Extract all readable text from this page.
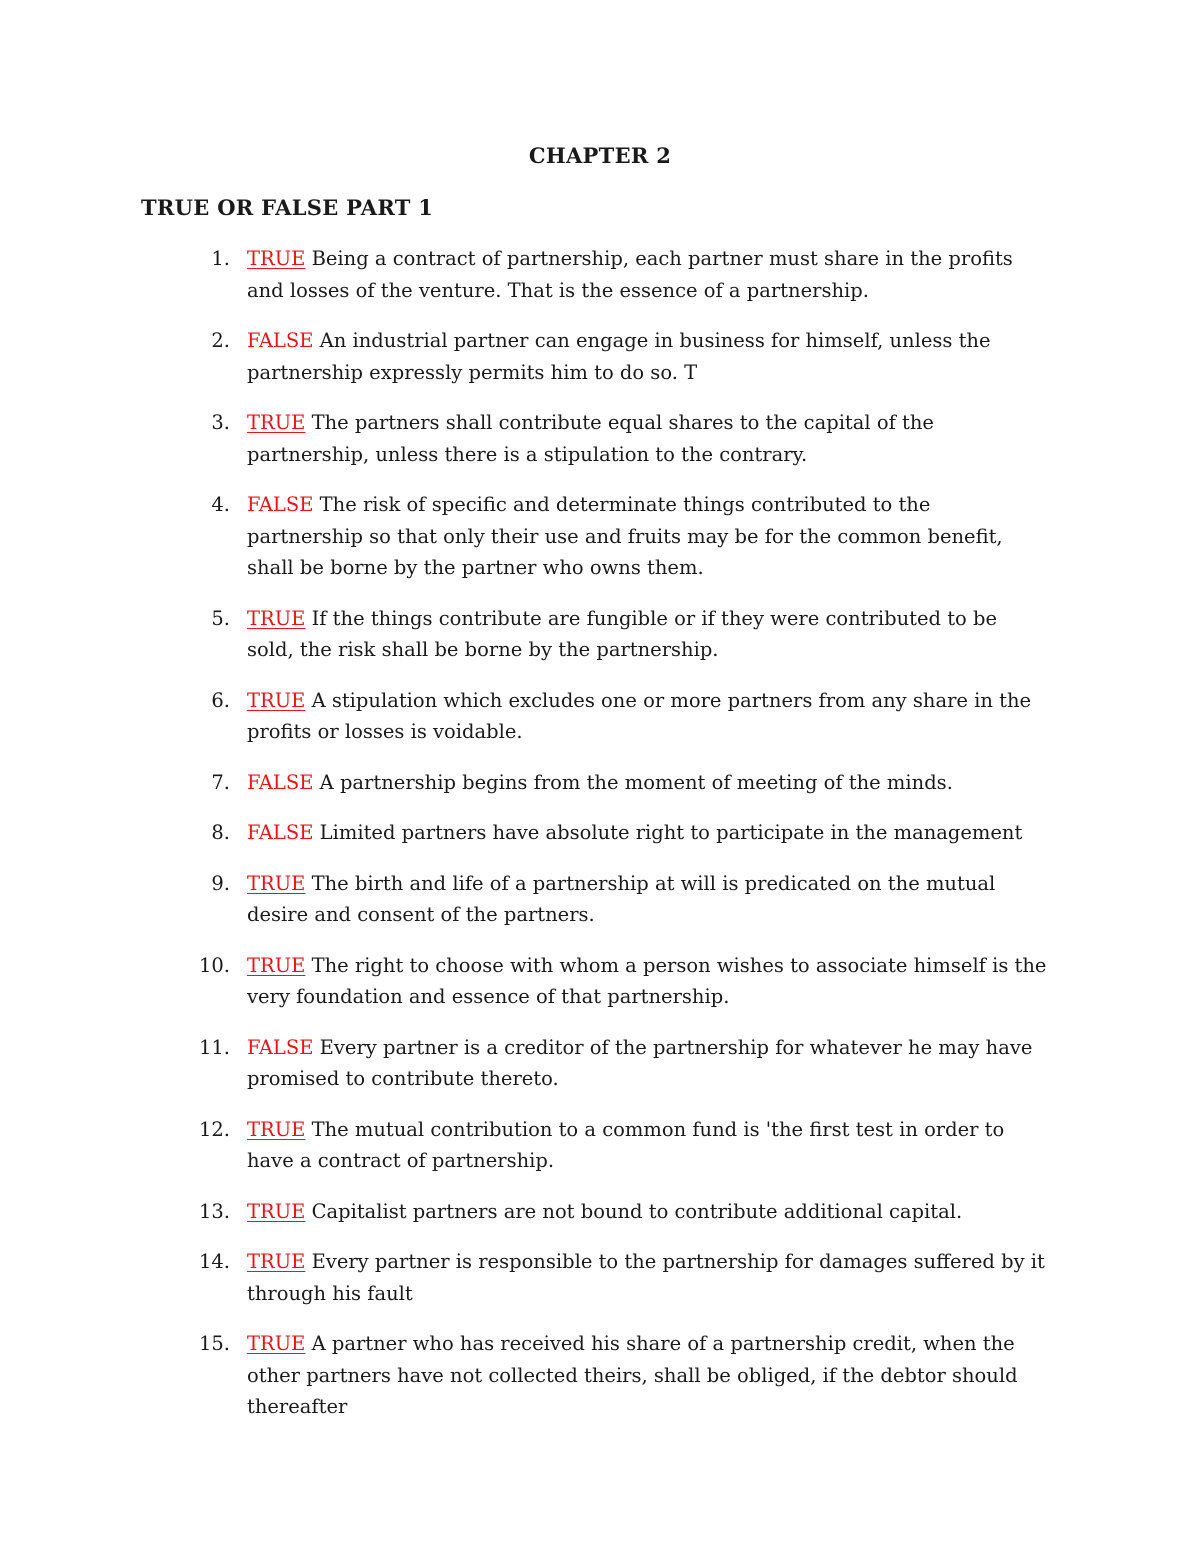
CHAPTER 2
TRUE OR FALSE PART 1
1. TRUE Being a contract of partnership, each partner must share in the profits and losses of the venture. That is the essence of a partnership.
2. FALSE An industrial partner can engage in business for himself, unless the partnership expressly permits him to do so. T
3. TRUE The partners shall contribute equal shares to the capital of the partnership, unless there is a stipulation to the contrary.
4. FALSE The risk of specific and determinate things contributed to the partnership so that only their use and fruits may be for the common benefit, shall be borne by the partner who owns them.
5. TRUE If the things contribute are fungible or if they were contributed to be sold, the risk shall be borne by the partnership.
6. TRUE A stipulation which excludes one or more partners from any share in the profits or losses is voidable.
7. FALSE A partnership begins from the moment of meeting of the minds.
8. FALSE Limited partners have absolute right to participate in the management
9. TRUE The birth and life of a partnership at will is predicated on the mutual desire and consent of the partners.
10. TRUE The right to choose with whom a person wishes to associate himself is the very foundation and essence of that partnership.
11. FALSE Every partner is a creditor of the partnership for whatever he may have promised to contribute thereto.
12. TRUE The mutual contribution to a common fund is 'the first test in order to have a contract of partnership.
13. TRUE Capitalist partners are not bound to contribute additional capital.
14. TRUE Every partner is responsible to the partnership for damages suffered by it through his fault
15. TRUE A partner who has received his share of a partnership credit, when the other partners have not collected theirs, shall be obliged, if the debtor should thereafter
